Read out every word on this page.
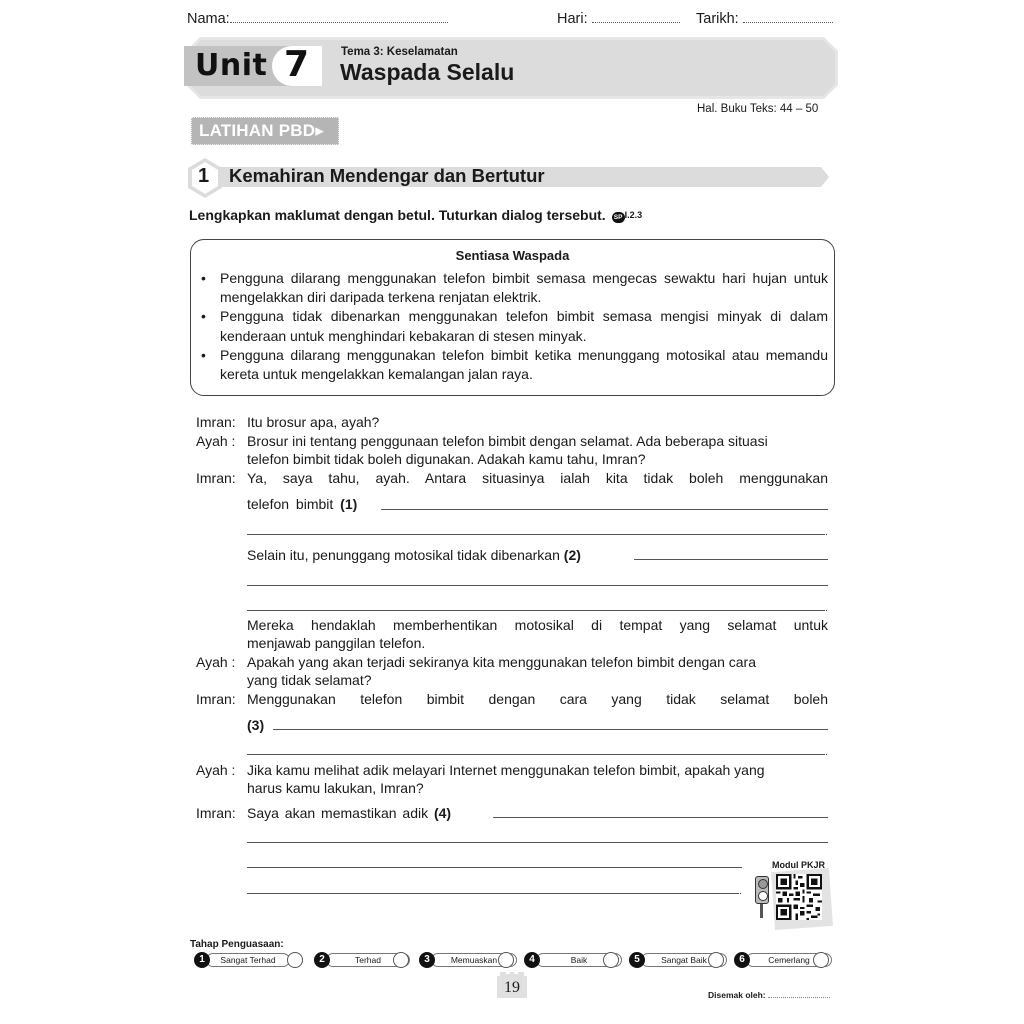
Nama:	Hari:	Tarikh:
Unit 7	Tema 3: Keselamatan
Waspada Selalu
Hal. Buku Teks: 44 – 50
LATIHAN PBD▸
1 Kemahiran Mendengar dan Bertutur
Lengkapkan maklumat dengan betul. Tuturkan dialog tersebut. SP I.2.3
Sentiasa Waspada
• Pengguna dilarang menggunakan telefon bimbit semasa mengecas sewaktu hari hujan untuk mengelakkan diri daripada terkena renjatan elektrik.
• Pengguna tidak dibenarkan menggunakan telefon bimbit semasa mengisi minyak di dalam kenderaan untuk menghindari kebakaran di stesen minyak.
• Pengguna dilarang menggunakan telefon bimbit ketika menunggang motosikal atau memandu kereta untuk mengelakkan kemalangan jalan raya.
Imran: Itu brosur apa, ayah?
Ayah : Brosur ini tentang penggunaan telefon bimbit dengan selamat. Ada beberapa situasi
telefon bimbit tidak boleh digunakan. Adakah kamu tahu, Imran?
Imran: Ya, saya tahu, ayah. Antara situasinya ialah kita tidak boleh menggunakan
telefon bimbit (1)
.
Selain itu, penunggang motosikal tidak dibenarkan (2)
.
Mereka hendaklah memberhentikan motosikal di tempat yang selamat untuk
menjawab panggilan telefon.
Ayah : Apakah yang akan terjadi sekiranya kita menggunakan telefon bimbit dengan cara
yang tidak selamat?
Imran: Menggunakan telefon bimbit dengan cara yang tidak selamat boleh
(3)
.
Ayah : Jika kamu melihat adik melayari Internet menggunakan telefon bimbit, apakah yang
harus kamu lakukan, Imran?
Imran: Saya akan memastikan adik (4)
.
Modul PKJR
Tahap Penguasaan:
Sangat Terhad
1	Terhad
2	Memuaskan
3	Baik
4	Sangat Baik
5	Cemerlang
6
19	Disemak oleh:
